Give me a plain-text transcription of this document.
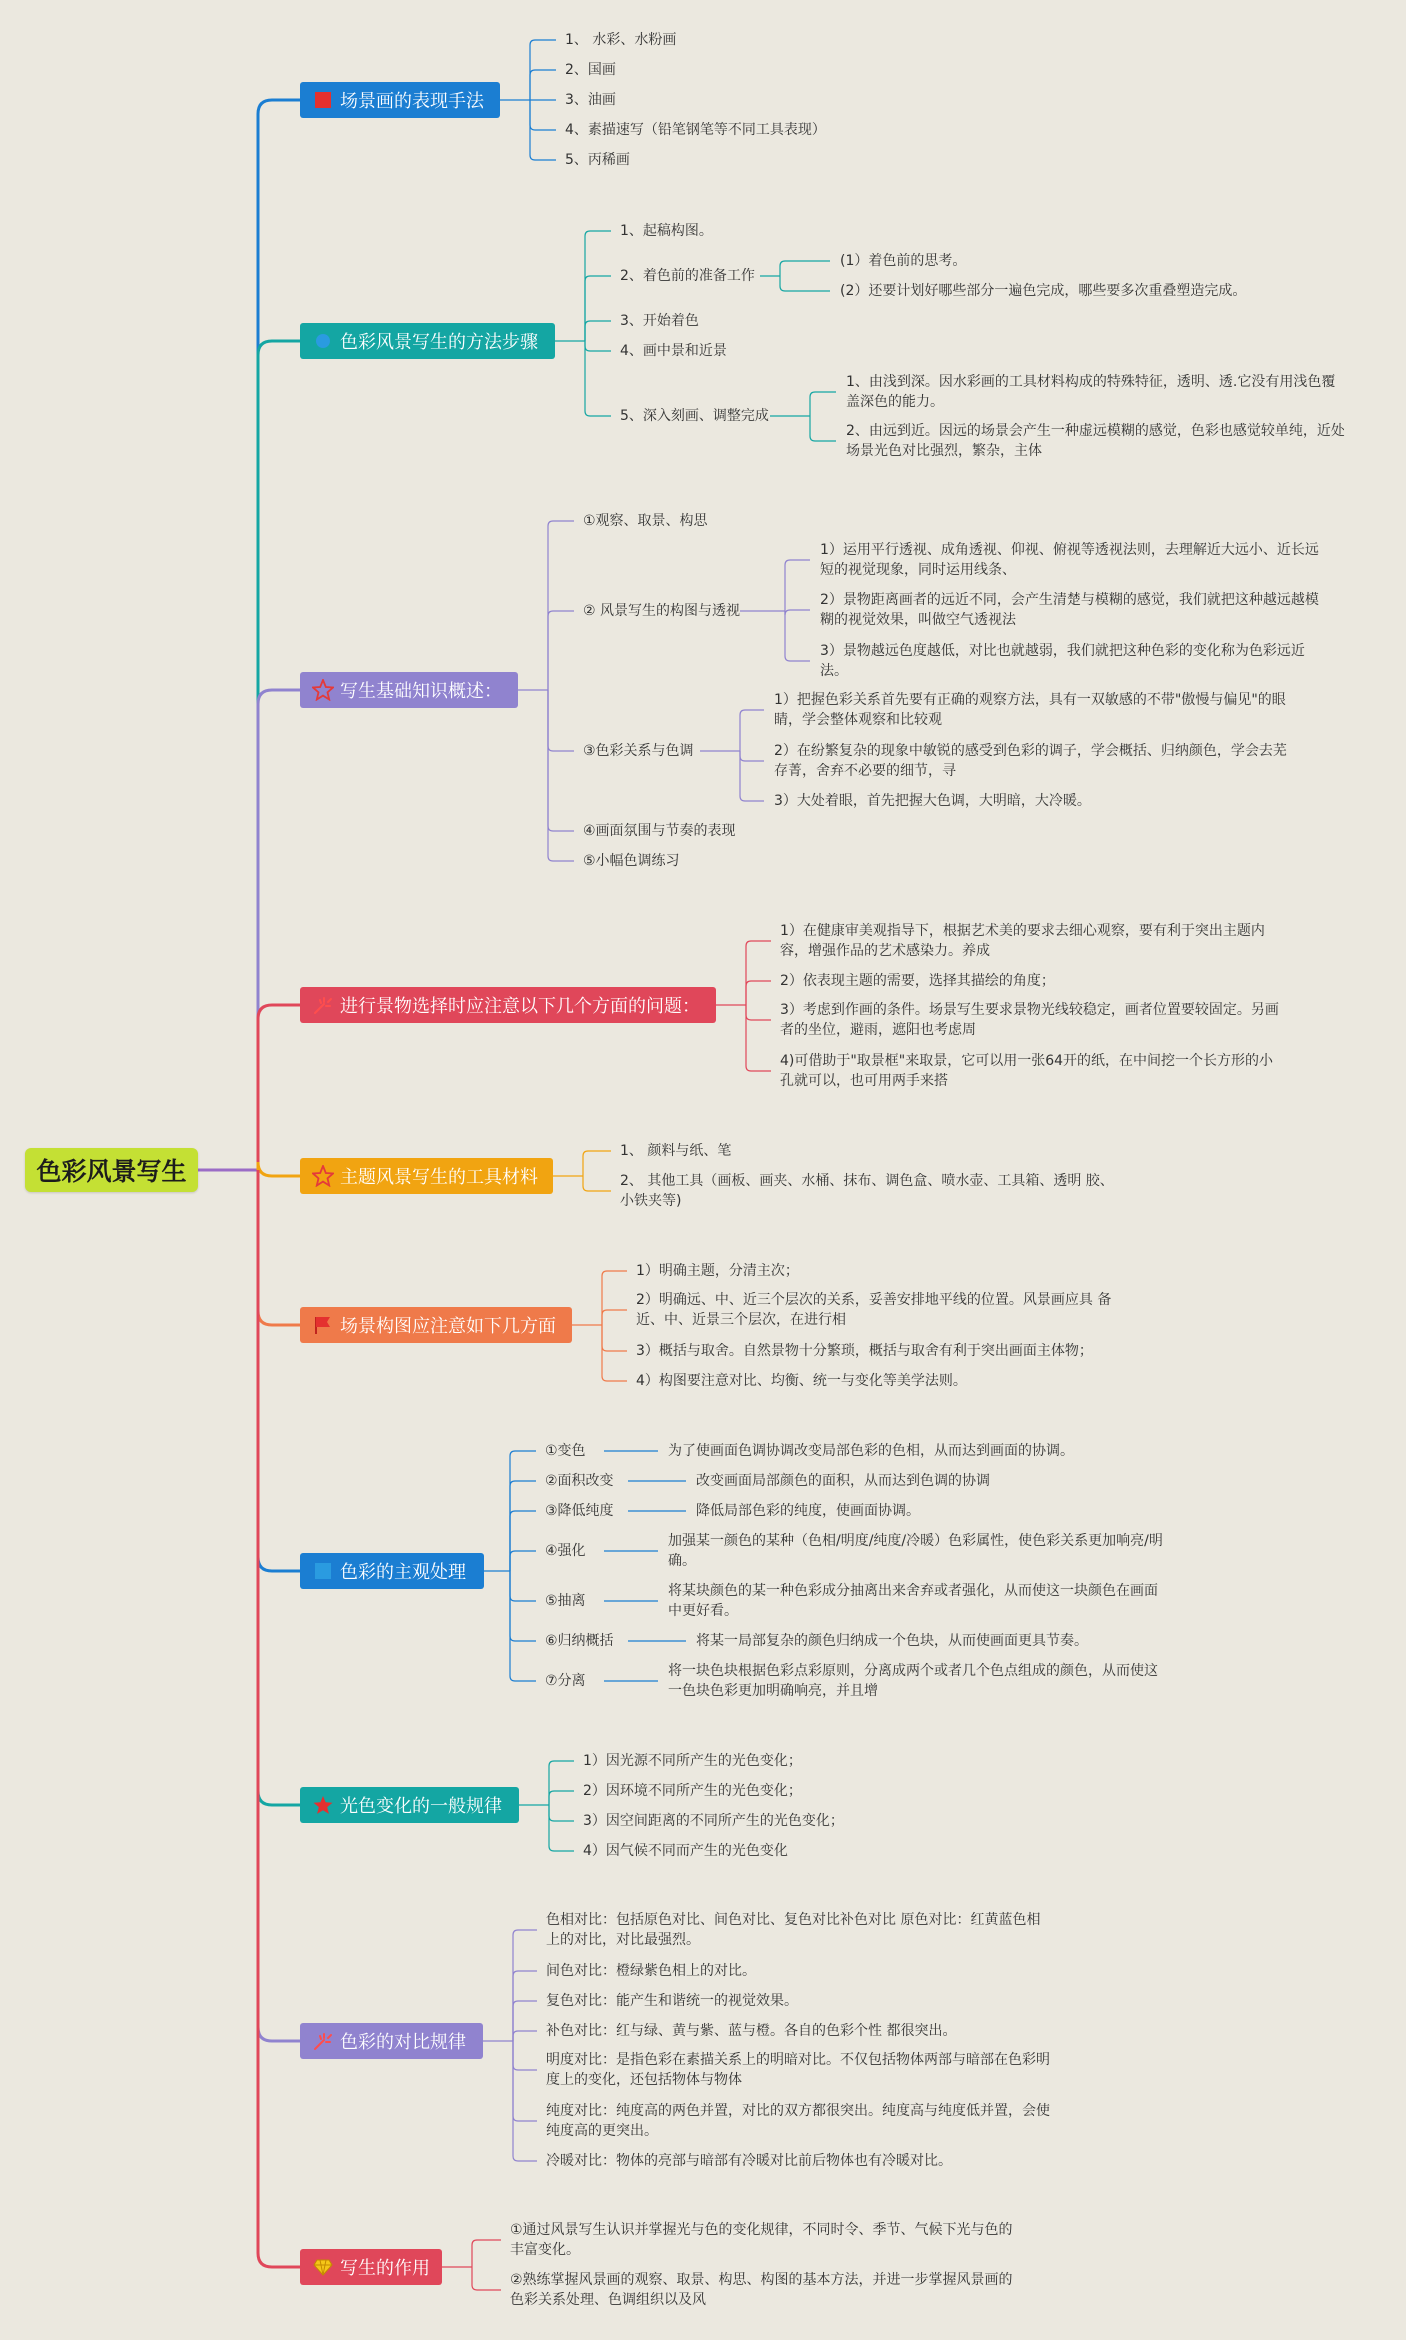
色彩风景写生
场景画的表现手法
1、 水彩、水粉画
2、国画
3、油画
4、素描速写（铅笔钢笔等不同工具表现）
5、丙稀画
色彩风景写生的方法步骤
1、起稿构图。
2、着色前的准备工作
(1）着色前的思考。
(2）还要计划好哪些部分一遍色完成，哪些要多次重叠塑造完成。
3、开始着色
4、画中景和近景
5、深入刻画、调整完成
1、由浅到深。因水彩画的工具材料构成的特殊特征，透明、透.它没有用浅色覆盖深色的能力。
2、由远到近。因远的场景会产生一种虚远模糊的感觉，色彩也感觉较单纯，近处场景光色对比强烈，繁杂，主体
写生基础知识概述：
①观察、取景、构思
② 风景写生的构图与透视
1）运用平行透视、成角透视、仰视、俯视等透视法则，去理解近大远小、近长远短的视觉现象，同时运用线条、
2）景物距离画者的远近不同，会产生清楚与模糊的感觉，我们就把这种越远越模糊的视觉效果，叫做空气透视法
3）景物越远色度越低，对比也就越弱，我们就把这种色彩的变化称为色彩远近法。
③色彩关系与色调
1）把握色彩关系首先要有正确的观察方法，具有一双敏感的不带"傲慢与偏见"的眼睛，学会整体观察和比较观
2）在纷繁复杂的现象中敏锐的感受到色彩的调子，学会概括、归纳颜色，学会去芜存菁，舍弃不必要的细节，寻
3）大处着眼，首先把握大色调，大明暗，大冷暖。
④画面氛围与节奏的表现
⑤小幅色调练习
进行景物选择时应注意以下几个方面的问题：
1）在健康审美观指导下，根据艺术美的要求去细心观察，要有利于突出主题内容，增强作品的艺术感染力。养成
2）依表现主题的需要，选择其描绘的角度；
3）考虑到作画的条件。场景写生要求景物光线较稳定，画者位置要较固定。另画者的坐位，避雨，遮阳也考虑周
4)可借助于"取景框"来取景，它可以用一张64开的纸，在中间挖一个长方形的小孔就可以，也可用两手来搭
主题风景写生的工具材料
1、 颜料与纸、笔
2、 其他工具（画板、画夹、水桶、抹布、调色盒、喷水壶、工具箱、透明 胶、小铁夹等)
场景构图应注意如下几方面
1）明确主题，分清主次；
2）明确远、中、近三个层次的关系，妥善安排地平线的位置。风景画应具 备近、中、近景三个层次，在进行相
3）概括与取舍。自然景物十分繁琐，概括与取舍有利于突出画面主体物；
4）构图要注意对比、均衡、统一与变化等美学法则。
色彩的主观处理
①变色	为了使画面色调协调改变局部色彩的色相，从而达到画面的协调。
②面积改变	改变画面局部颜色的面积，从而达到色调的协调
③降低纯度	降低局部色彩的纯度，使画面协调。
④强化
加强某一颜色的某种（色相/明度/纯度/冷暖）色彩属性，使色彩关系更加响亮/明确。
⑤抽离
将某块颜色的某一种色彩成分抽离出来舍弃或者强化，从而使这一块颜色在画面中更好看。
⑥归纳概括	将某一局部复杂的颜色归纳成一个色块，从而使画面更具节奏。
⑦分离
将一块色块根据色彩点彩原则，分离成两个或者几个色点组成的颜色，从而使这一色块色彩更加明确响亮，并且增
光色变化的一般规律
1）因光源不同所产生的光色变化；
2）因环境不同所产生的光色变化；
3）因空间距离的不同所产生的光色变化；
4）因气候不同而产生的光色变化
色彩的对比规律
色相对比：包括原色对比、间色对比、复色对比补色对比 原色对比：红黄蓝色相上的对比，对比最强烈。
间色对比：橙绿紫色相上的对比。
复色对比：能产生和谐统一的视觉效果。
补色对比：红与绿、黄与紫、蓝与橙。各自的色彩个性 都很突出。
明度对比：是指色彩在素描关系上的明暗对比。不仅包括物体两部与暗部在色彩明度上的变化，还包括物体与物体
纯度对比：纯度高的两色并置，对比的双方都很突出。纯度高与纯度低并置，会使纯度高的更突出。
冷暖对比：物体的亮部与暗部有冷暖对比前后物体也有冷暖对比。
写生的作用
①通过风景写生认识并掌握光与色的变化规律，不同时令、季节、气候下光与色的丰富变化。
②熟练掌握风景画的观察、取景、构思、构图的基本方法，并进一步掌握风景画的色彩关系处理、色调组织以及风
